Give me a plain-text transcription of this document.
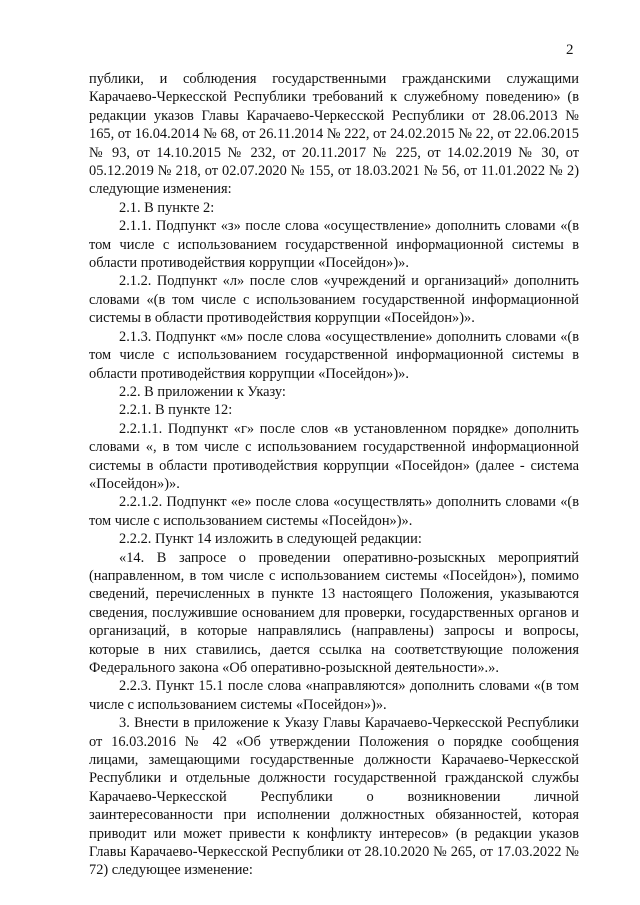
2

публики, и соблюдения государственными гражданскими служащими Карачаево-Черкесской Республики требований к служебному поведению» (в редакции указов Главы Карачаево-Черкесской Республики от 28.06.2013 № 165, от 16.04.2014 № 68, от 26.11.2014 № 222, от 24.02.2015 № 22, от 22.06.2015 № 93, от 14.10.2015 № 232, от 20.11.2017 № 225, от 14.02.2019 № 30, от 05.12.2019 № 218, от 02.07.2020 № 155, от 18.03.2021 № 56, от 11.01.2022 № 2) следующие изменения:

2.1. В пункте 2:

2.1.1. Подпункт «з» после слова «осуществление» дополнить словами «(в том числе с использованием государственной информационной системы в области противодействия коррупции «Посейдон»)».

2.1.2. Подпункт «л» после слов «учреждений и организаций» дополнить словами «(в том числе с использованием государственной информационной системы в области противодействия коррупции «Посейдон»)».

2.1.3. Подпункт «м» после слова «осуществление» дополнить словами «(в том числе с использованием государственной информационной системы в области противодействия коррупции «Посейдон»)».

2.2. В приложении к Указу:

2.2.1. В пункте 12:

2.2.1.1. Подпункт «г» после слов «в установленном порядке» дополнить словами «, в том числе с использованием государственной информационной системы в области противодействия коррупции «Посейдон» (далее - система «Посейдон»)».

2.2.1.2. Подпункт «е» после слова «осуществлять» дополнить словами «(в том числе с использованием системы «Посейдон»)».

2.2.2. Пункт 14 изложить в следующей редакции:

«14. В запросе о проведении оперативно-розыскных мероприятий (направленном, в том числе с использованием системы «Посейдон»), помимо сведений, перечисленных в пункте 13 настоящего Положения, указываются сведения, послужившие основанием для проверки, государственных органов и организаций, в которые направлялись (направлены) запросы и вопросы, которые в них ставились, дается ссылка на соответствующие положения Федерального закона «Об оперативно-розыскной деятельности».».

2.2.3. Пункт 15.1 после слова «направляются» дополнить словами «(в том числе с использованием системы «Посейдон»)».

3. Внести в приложение к Указу Главы Карачаево-Черкесской Республики от 16.03.2016 № 42 «Об утверждении Положения о порядке сообщения лицами, замещающими государственные должности Карачаево-Черкесской Республики и отдельные должности государственной гражданской службы Карачаево-Черкесской Республики о возникновении личной заинтересованности при исполнении должностных обязанностей, которая приводит или может привести к конфликту интересов» (в редакции указов Главы Карачаево-Черкесской Республики от 28.10.2020 № 265, от 17.03.2022 № 72) следующее изменение:
